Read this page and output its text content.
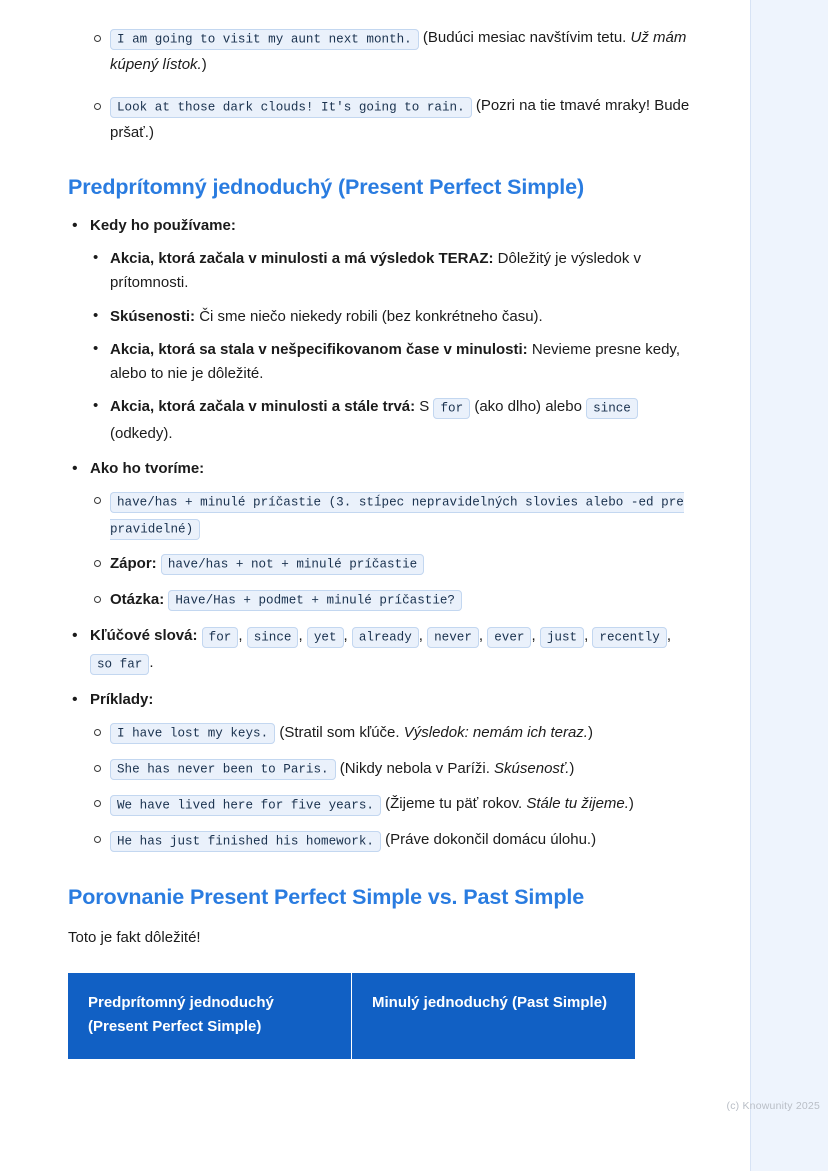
(c) Knowunity 2025
I am going to visit my aunt next month. (Budúci mesiac navštívim tetu. Už mám kúpený lístok.)
Look at those dark clouds! It's going to rain. (Pozri na tie tmavé mraky! Bude pršať.)
Predprítomný jednoduchý (Present Perfect Simple)
• Kedy ho používame:
• Akcia, ktorá začala v minulosti a má výsledok TERAZ: Dôležitý je výsledok v prítomnosti.
• Skúsenosti: Či sme niečo niekedy robili (bez konkrétneho času).
• Akcia, ktorá sa stala v nešpecifikovanom čase v minulosti: Nevieme presne kedy, alebo to nie je dôležité.
• Akcia, ktorá začala v minulosti a stále trvá: S for (ako dlho) alebo since (odkedy).
• Ako ho tvoríme:
have/has + minulé príčastie (3. stĺpec nepravidelných slovies alebo -ed pre pravidelné)
Zápor: have/has + not + minulé príčastie
Otázka: Have/Has + podmet + minulé príčastie?
• Kľúčové slová: for , since , yet , already , never , ever , just , recently , so far .
• Príklady:
I have lost my keys. (Stratil som kľúče. Výsledok: nemám ich teraz.)
She has never been to Paris. (Nikdy nebola v Paríži. Skúsenosť.)
We have lived here for five years. (Žijeme tu päť rokov. Stále tu žijeme.)
He has just finished his homework. (Práve dokončil domácu úlohu.)
Porovnanie Present Perfect Simple vs. Past Simple

Toto je fakt dôležité!

Predprítomný jednoduchý (Present Perfect Simple)	Minulý jednoduchý (Past Simple)
